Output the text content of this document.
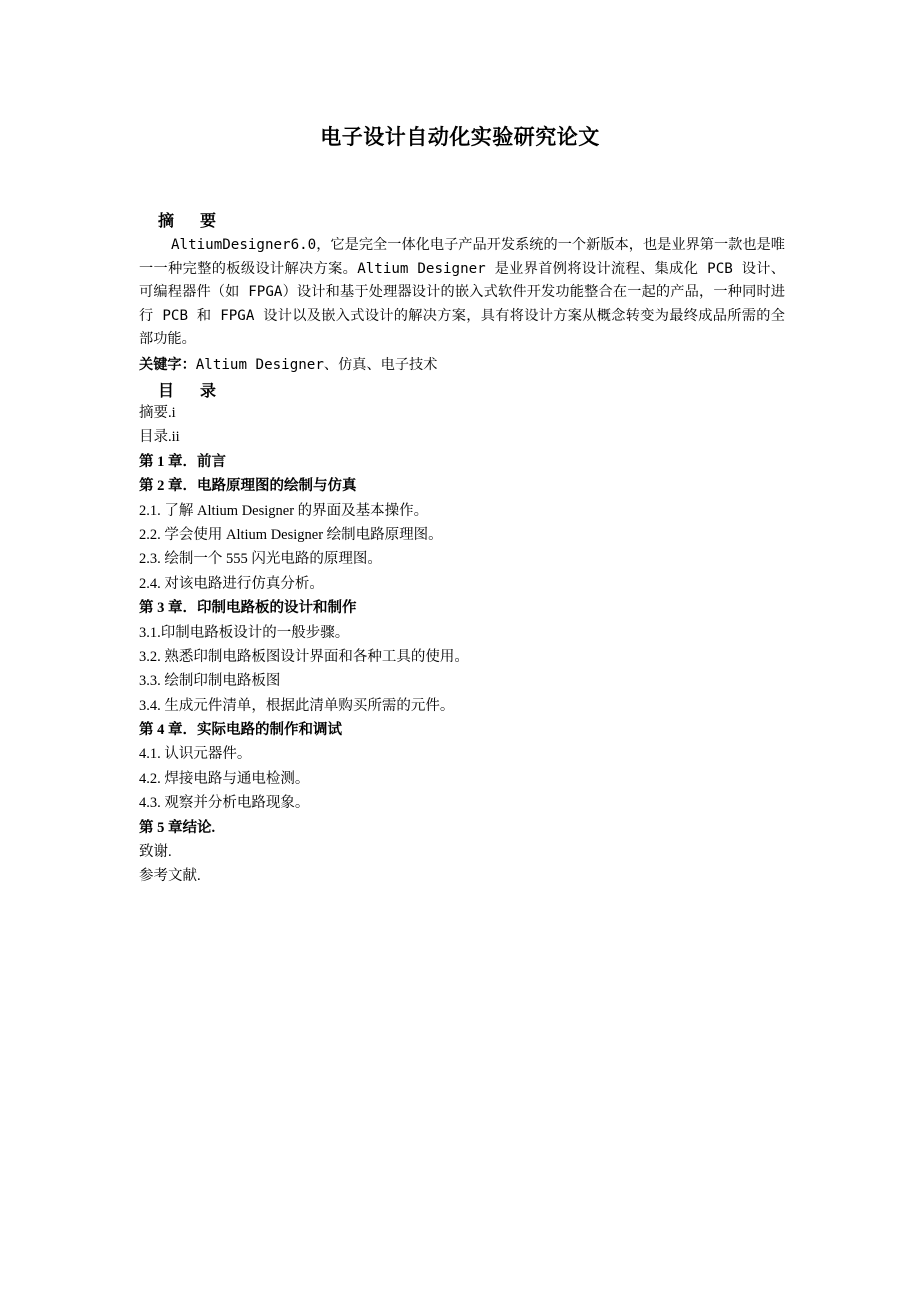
电子设计自动化实验研究论文
摘 要
AltiumDesigner6.0，它是完全一体化电子产品开发系统的一个新版本，也是业界第一款也是唯一一种完整的板级设计解决方案。Altium Designer 是业界首例将设计流程、集成化 PCB 设计、可编程器件（如 FPGA）设计和基于处理器设计的嵌入式软件开发功能整合在一起的产品，一种同时进行 PCB 和 FPGA 设计以及嵌入式设计的解决方案，具有将设计方案从概念转变为最终成品所需的全部功能。
关键字：Altium Designer、仿真、电子技术
目 录
摘要.i
目录.ii
第 1 章．前言
第 2 章．电路原理图的绘制与仿真
2.1. 了解 Altium Designer 的界面及基本操作。
2.2. 学会使用 Altium Designer 绘制电路原理图。
2.3. 绘制一个 555 闪光电路的原理图。
2.4. 对该电路进行仿真分析。
第 3 章．印制电路板的设计和制作
3.1.印制电路板设计的一般步骤。
3.2. 熟悉印制电路板图设计界面和各种工具的使用。
3.3. 绘制印制电路板图
3.4. 生成元件清单，根据此清单购买所需的元件。
第 4 章．实际电路的制作和调试
4.1. 认识元器件。
4.2. 焊接电路与通电检测。
4.3. 观察并分析电路现象。
第 5 章结论.
致谢.
参考文献.
